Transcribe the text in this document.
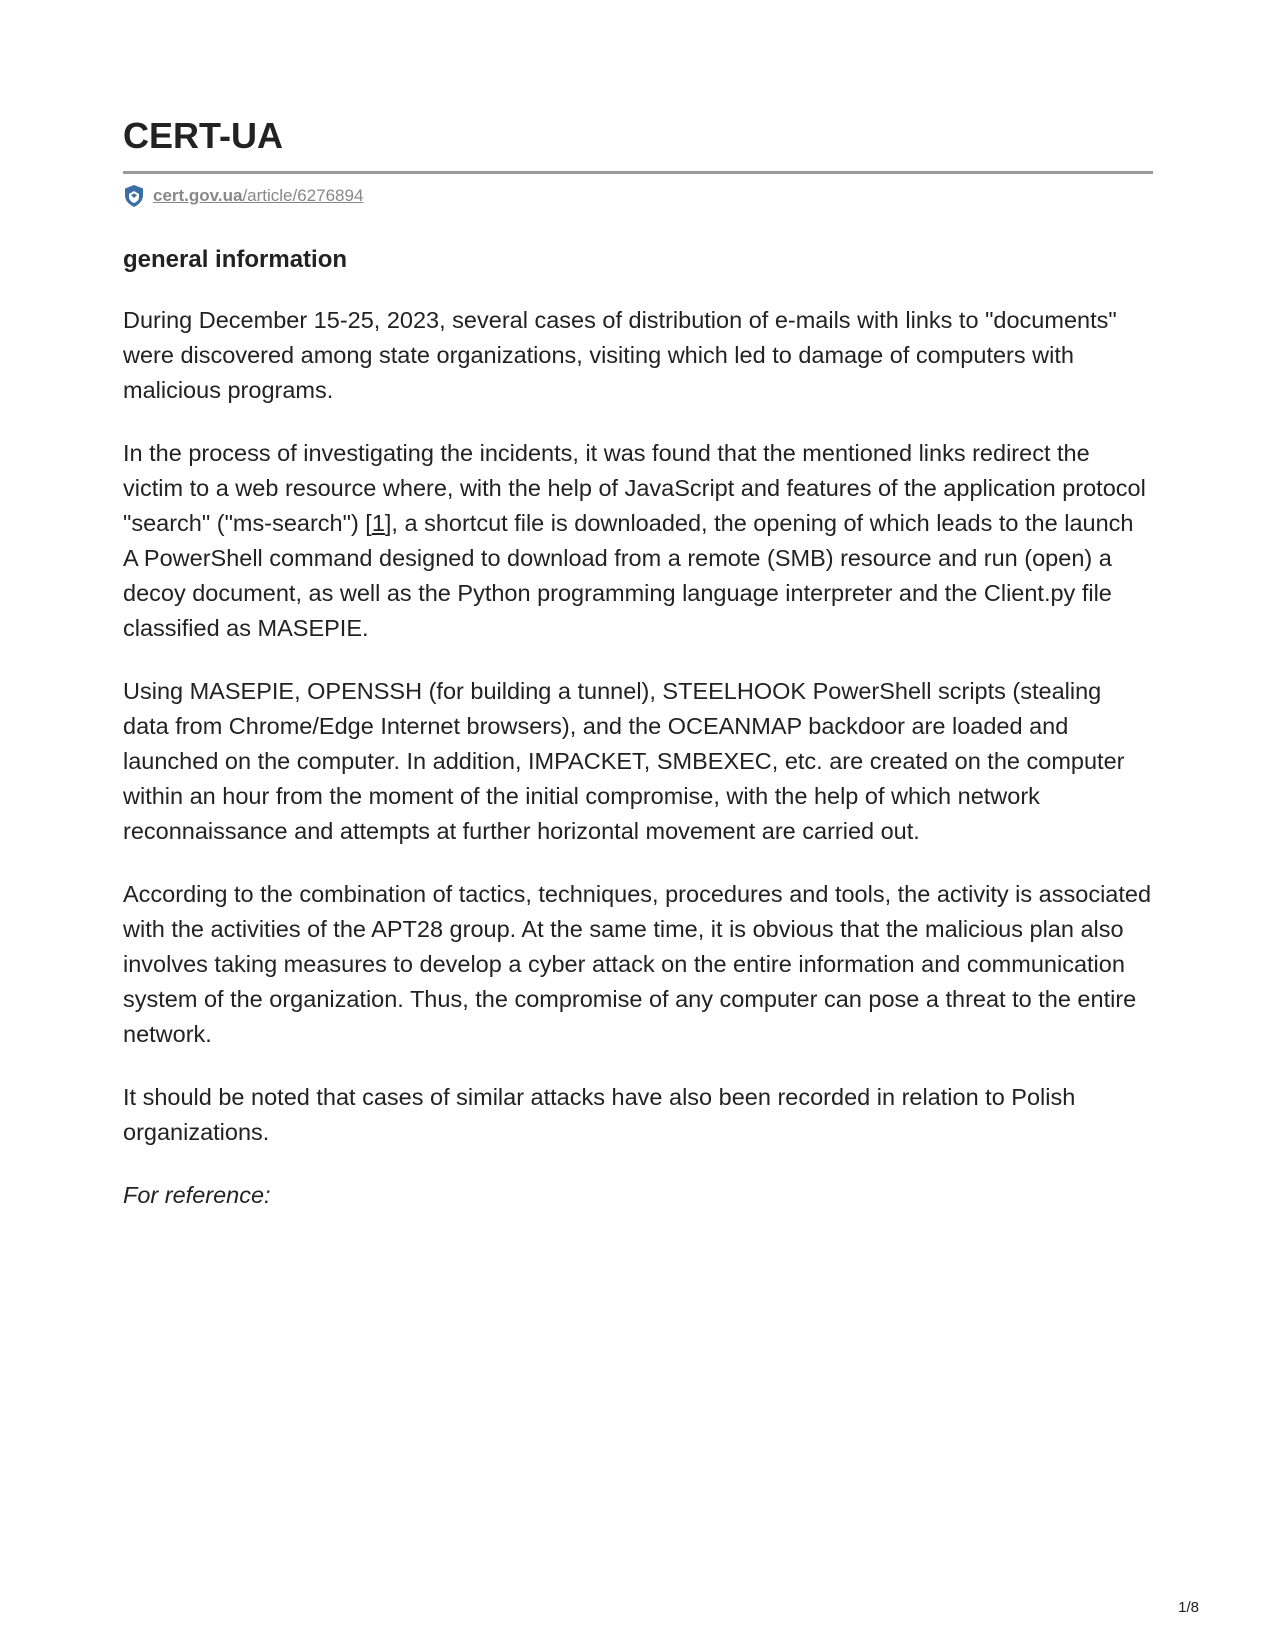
CERT-UA
cert.gov.ua/article/6276894
general information

During December 15-25, 2023, several cases of distribution of e-mails with links to "documents" were discovered among state organizations, visiting which led to damage of computers with malicious programs.

In the process of investigating the incidents, it was found that the mentioned links redirect the victim to a web resource where, with the help of JavaScript and features of the application protocol "search" ("ms-search") [1], a shortcut file is downloaded, the opening of which leads to the launch A PowerShell command designed to download from a remote (SMB) resource and run (open) a decoy document, as well as the Python programming language interpreter and the Client.py file classified as MASEPIE.

Using MASEPIE, OPENSSH (for building a tunnel), STEELHOOK PowerShell scripts (stealing data from Chrome/Edge Internet browsers), and the OCEANMAP backdoor are loaded and launched on the computer. In addition, IMPACKET, SMBEXEC, etc. are created on the computer within an hour from the moment of the initial compromise, with the help of which network reconnaissance and attempts at further horizontal movement are carried out.

According to the combination of tactics, techniques, procedures and tools, the activity is associated with the activities of the APT28 group. At the same time, it is obvious that the malicious plan also involves taking measures to develop a cyber attack on the entire information and communication system of the organization. Thus, the compromise of any computer can pose a threat to the entire network.

It should be noted that cases of similar attacks have also been recorded in relation to Polish organizations.

For reference:

1/8
